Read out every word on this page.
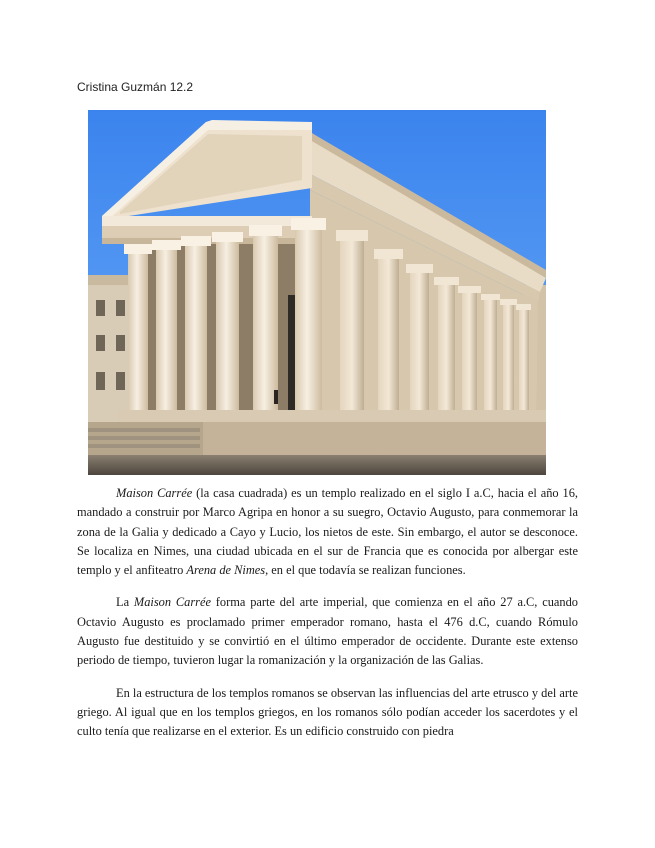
Cristina Guzmán 12.2

Maison Carrée (la casa cuadrada) es un templo realizado en el siglo I a.C, hacia el año 16, mandado a construir por Marco Agripa en honor a su suegro, Octavio Augusto, para conmemorar la zona de la Galia y dedicado a Cayo y Lucio, los nietos de este. Sin embargo, el autor se desconoce. Se localiza en Nimes, una ciudad ubicada en el sur de Francia que es conocida por albergar este templo y el anfiteatro Arena de Nimes, en el que todavía se realizan funciones.

La Maison Carrée forma parte del arte imperial, que comienza en el año 27 a.C, cuando Octavio Augusto es proclamado primer emperador romano, hasta el 476 d.C, cuando Rómulo Augusto fue destituido y se convirtió en el último emperador de occidente. Durante este extenso periodo de tiempo, tuvieron lugar la romanización y la organización de las Galias.

En la estructura de los templos romanos se observan las influencias del arte etrusco y del arte griego. Al igual que en los templos griegos, en los romanos sólo podían acceder los sacerdotes y el culto tenía que realizarse en el exterior. Es un edificio construido con piedra
